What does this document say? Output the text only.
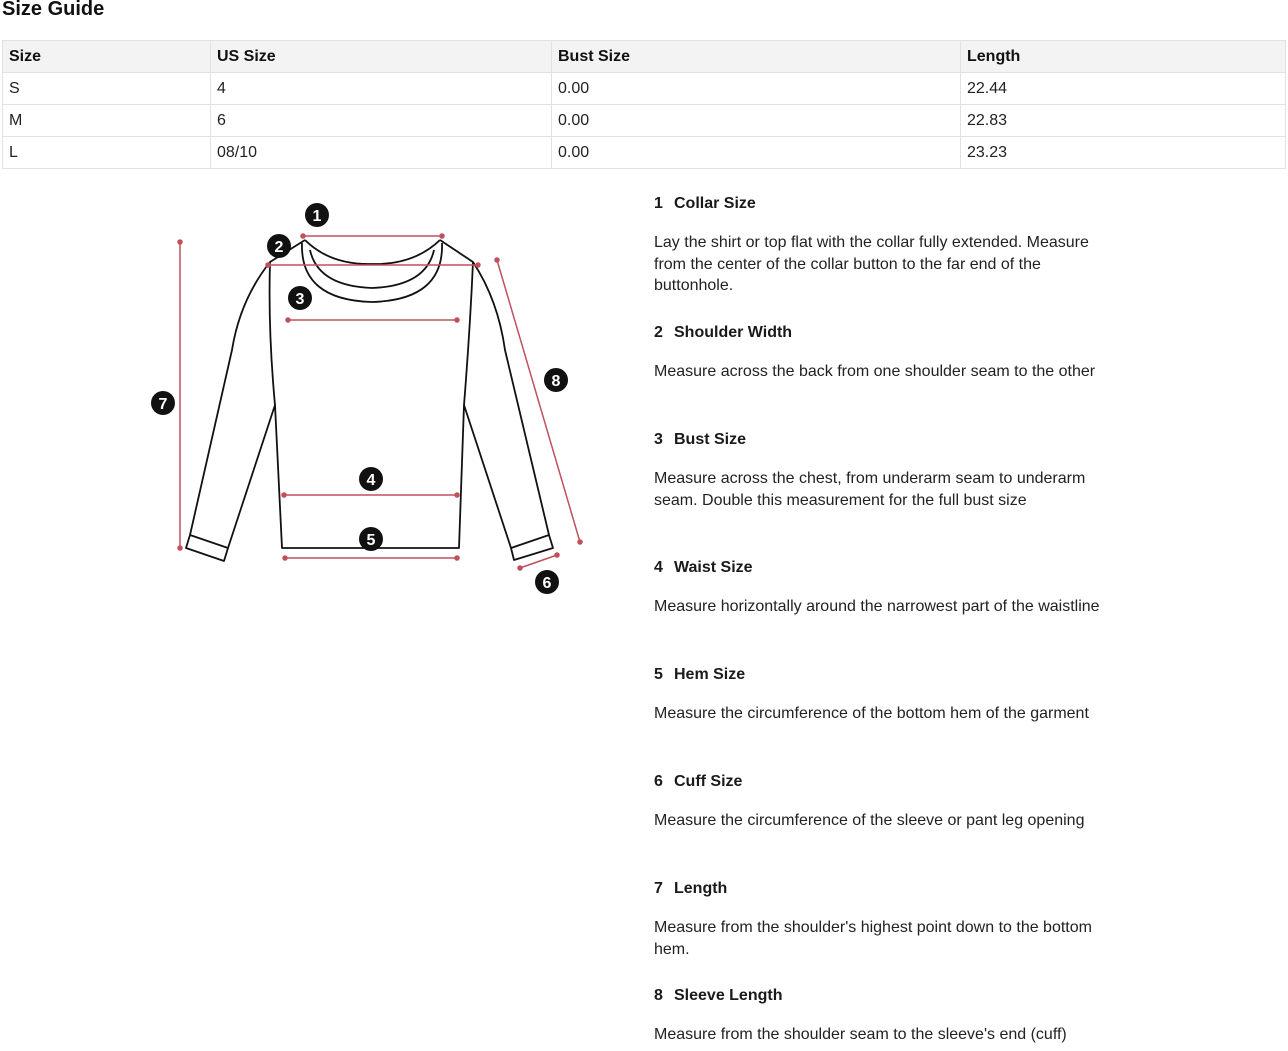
Size Guide
Size	US Size	Bust Size	Length
S	4	0.00	22.44
M	6	0.00	22.83
L	08/10	0.00	23.23
1
2
3
4
5
6
7
8
1 Collar Size
Lay the shirt or top flat with the collar fully extended. Measure from the center of the collar button to the far end of the buttonhole.
2 Shoulder Width
Measure across the back from one shoulder seam to the other
3 Bust Size
Measure across the chest, from underarm seam to underarm seam. Double this measurement for the full bust size
4 Waist Size
Measure horizontally around the narrowest part of the waistline
5 Hem Size
Measure the circumference of the bottom hem of the garment
6 Cuff Size
Measure the circumference of the sleeve or pant leg opening
7 Length
Measure from the shoulder's highest point down to the bottom hem.
8 Sleeve Length
Measure from the shoulder seam to the sleeve's end (cuff)
